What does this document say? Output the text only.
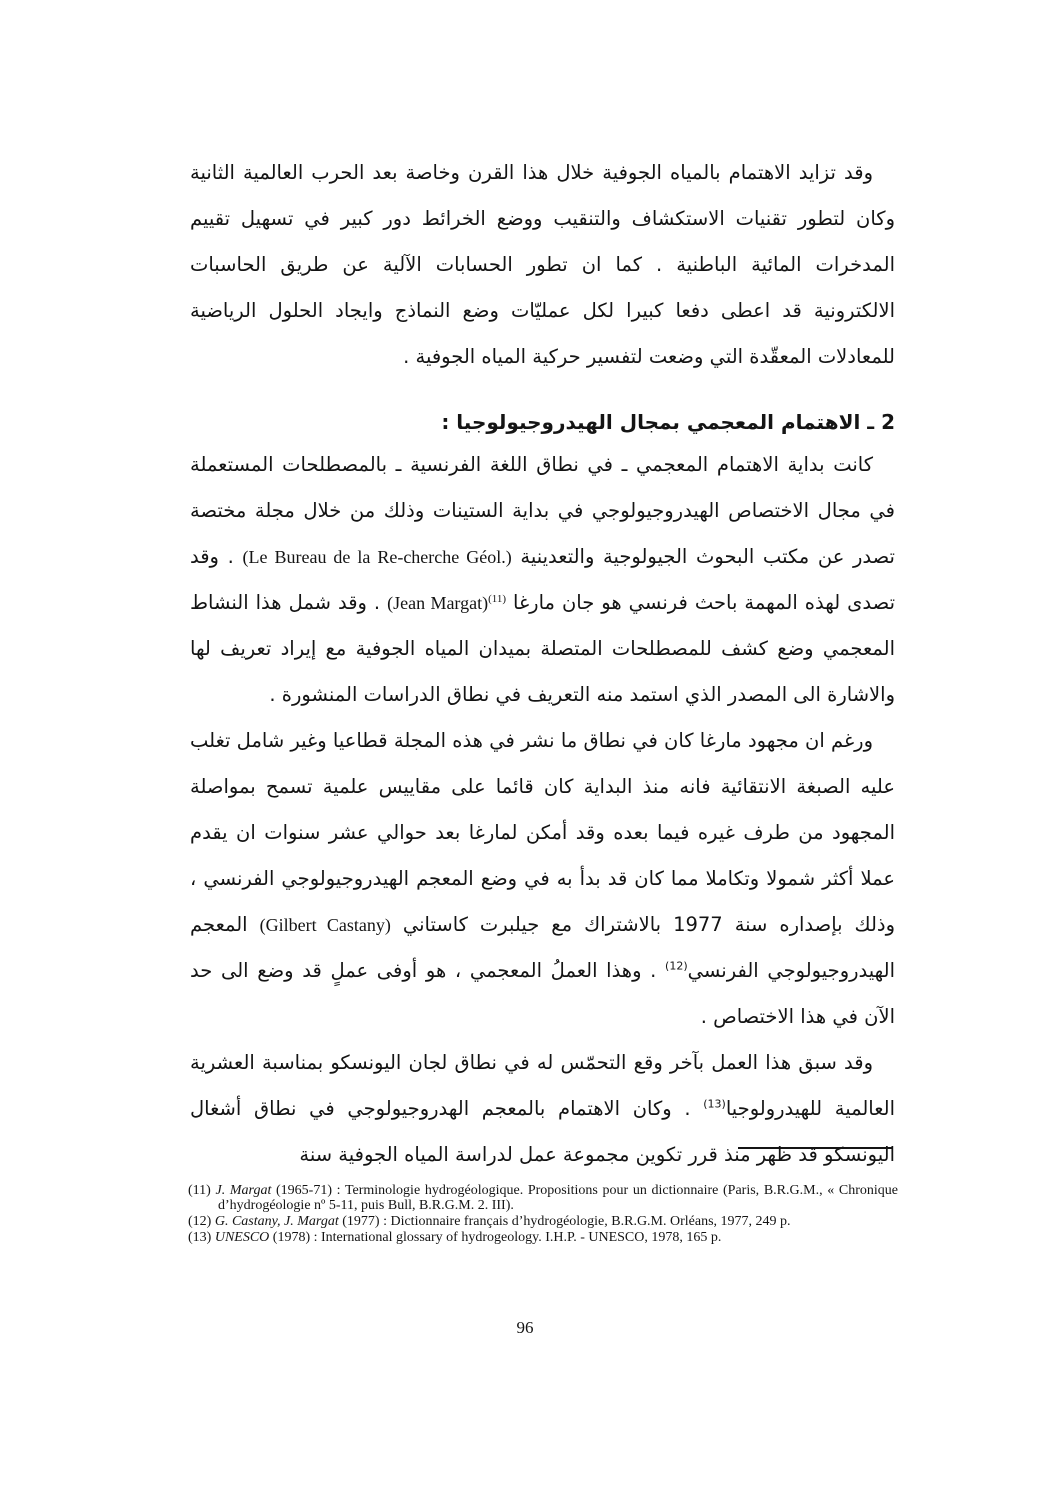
وقد تزايد الاهتمام بالمياه الجوفية خلال هذا القرن وخاصة بعد الحرب العالمية الثانية وكان لتطور تقنيات الاستكشاف والتنقيب ووضع الخرائط دور كبير في تسهيل تقييم المدخرات المائية الباطنية . كما ان تطور الحسابات الآلية عن طريق الحاسبات الالكترونية قد اعطى دفعا كبيرا لكل عمليّات وضع النماذج وايجاد الحلول الرياضية للمعادلات المعقّدة التي وضعت لتفسير حركية المياه الجوفية .

2 ـ الاهتمام المعجمي بمجال الهيدروجيولوجيا :

كانت بداية الاهتمام المعجمي ـ في نطاق اللغة الفرنسية ـ بالمصطلحات المستعملة في مجال الاختصاص الهيدروجيولوجي في بداية الستينات وذلك من خلال مجلة مختصة تصدر عن مكتب البحوث الجيولوجية والتعدينية (Le Bureau de la Re-cherche Géol.) . وقد تصدى لهذه المهمة باحث فرنسي هو جان مارغا (Jean Margat)$^{(11)}$ . وقد شمل هذا النشاط المعجمي وضع كشف للمصطلحات المتصلة بميدان المياه الجوفية مع إيراد تعريف لها والاشارة الى المصدر الذي استمد منه التعريف في نطاق الدراسات المنشورة .

ورغم ان مجهود مارغا كان في نطاق ما نشر في هذه المجلة قطاعيا وغير شامل تغلب عليه الصبغة الانتقائية فانه منذ البداية كان قائما على مقاييس علمية تسمح بمواصلة المجهود من طرف غيره فيما بعده وقد أمكن لمارغا بعد حوالي عشر سنوات ان يقدم عملا أكثر شمولا وتكاملا مما كان قد بدأ به في وضع المعجم الهيدروجيولوجي الفرنسي ، وذلك بإصداره سنة 1977 بالاشتراك مع جيلبرت كاستاني (Gilbert Castany) المعجم الهيدروجيولوجي الفرنسي$^{(12)}$ . وهذا العملُ المعجمي ، هو أوفى عملٍ قد وضع الى حد الآن في هذا الاختصاص .

وقد سبق هذا العمل بآخر وقع التحمّس له في نطاق لجان اليونسكو بمناسبة العشرية العالمية للهيدرولوجيا$^{(13)}$ . وكان الاهتمام بالمعجم الهدروجيولوجي في نطاق أشغال اليونسكو قد ظهر منذ قرر تكوين مجموعة عمل لدراسة المياه الجوفية سنة

(11) J. Margat (1965-71) : Terminologie hydrogéologique. Propositions pour un dictionnaire (Paris, B.R.G.M., « Chronique d’hydrogéologie nº 5-11, puis Bull, B.R.G.M. 2. III).

(12) G. Castany, J. Margat (1977) : Dictionnaire français d’hydrogéologie, B.R.G.M. Orléans, 1977, 249 p.

(13) UNESCO (1978) : International glossary of hydrogeology. I.H.P. - UNESCO, 1978, 165 p.

96
